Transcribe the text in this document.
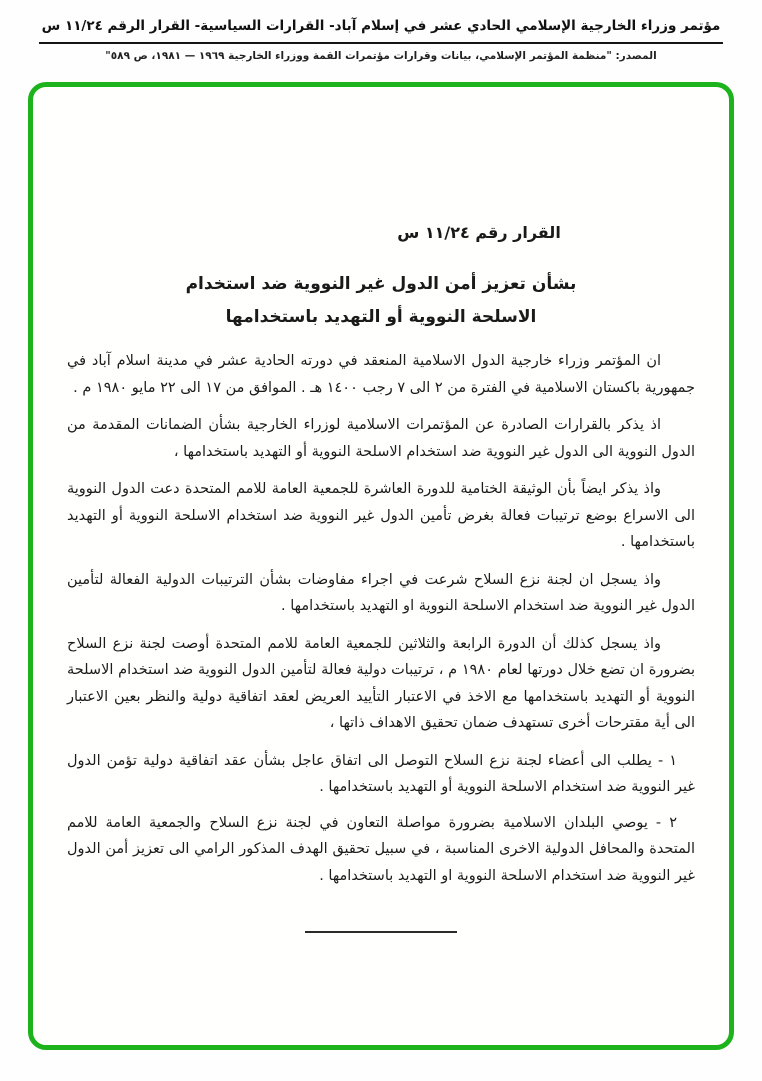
مؤتمر وزراء الخارجية الإسلامي الحادي عشر في إسلام آباد- القرارات السياسية- القرار الرقم ١١/٢٤ س
المصدر: "منظمة المؤتمر الإسلامي، بيانات وقرارات مؤتمرات القمة ووزراء الخارجية ١٩٦٩ — ١٩٨١، ص ٥٨٩"
القرار رقم ١١/٢٤ س
بشأن تعزيز أمن الدول غير النووية ضد استخدام
الاسلحة النووية أو التهديد باستخدامها

ان المؤتمر وزراء خارجية الدول الاسلامية المنعقد في دورته الحادية عشر في مدينة اسلام آباد في جمهورية باكستان الاسلامية في الفترة من ٢ الى ٧ رجب ١٤٠٠ هـ . الموافق من ١٧ الى ٢٢ مايو ١٩٨٠ م .

اذ يذكر بالقرارات الصادرة عن المؤتمرات الاسلامية لوزراء الخارجية بشأن الضمانات المقدمة من الدول النووية الى الدول غير النووية ضد استخدام الاسلحة النووية أو التهديد باستخدامها ،

واذ يذكر ايضاً بأن الوثيقة الختامية للدورة العاشرة للجمعية العامة للامم المتحدة دعت الدول النووية الى الاسراع بوضع ترتيبات فعالة بغرض تأمين الدول غير النووية ضد استخدام الاسلحة النووية أو التهديد باستخدامها .

واذ يسجل ان لجنة نزع السلاح شرعت في اجراء مفاوضات بشأن الترتيبات الدولية الفعالة لتأمين الدول غير النووية ضد استخدام الاسلحة النووية او التهديد باستخدامها .

واذ يسجل كذلك أن الدورة الرابعة والثلاثين للجمعية العامة للامم المتحدة أوصت لجنة نزع السلاح بضرورة ان تضع خلال دورتها لعام ١٩٨٠ م ، ترتيبات دولية فعالة لتأمين الدول النووية ضد استخدام الاسلحة النووية أو التهديد باستخدامها مع الاخذ في الاعتبار التأييد العريض لعقد اتفاقية دولية والنظر بعين الاعتبار الى أية مقترحات أخرى تستهدف ضمان تحقيق الاهداف ذاتها ،

١ - يطلب الى أعضاء لجنة نزع السلاح التوصل الى اتفاق عاجل بشأن عقد اتفاقية دولية تؤمن الدول غير النووية ضد استخدام الاسلحة النووية أو التهديد باستخدامها .

٢ - يوصي البلدان الاسلامية بضرورة مواصلة التعاون في لجنة نزع السلاح والجمعية العامة للامم المتحدة والمحافل الدولية الاخرى المناسبة ، في سبيل تحقيق الهدف المذكور الرامي الى تعزيز أمن الدول غير النووية ضد استخدام الاسلحة النووية او التهديد باستخدامها .
